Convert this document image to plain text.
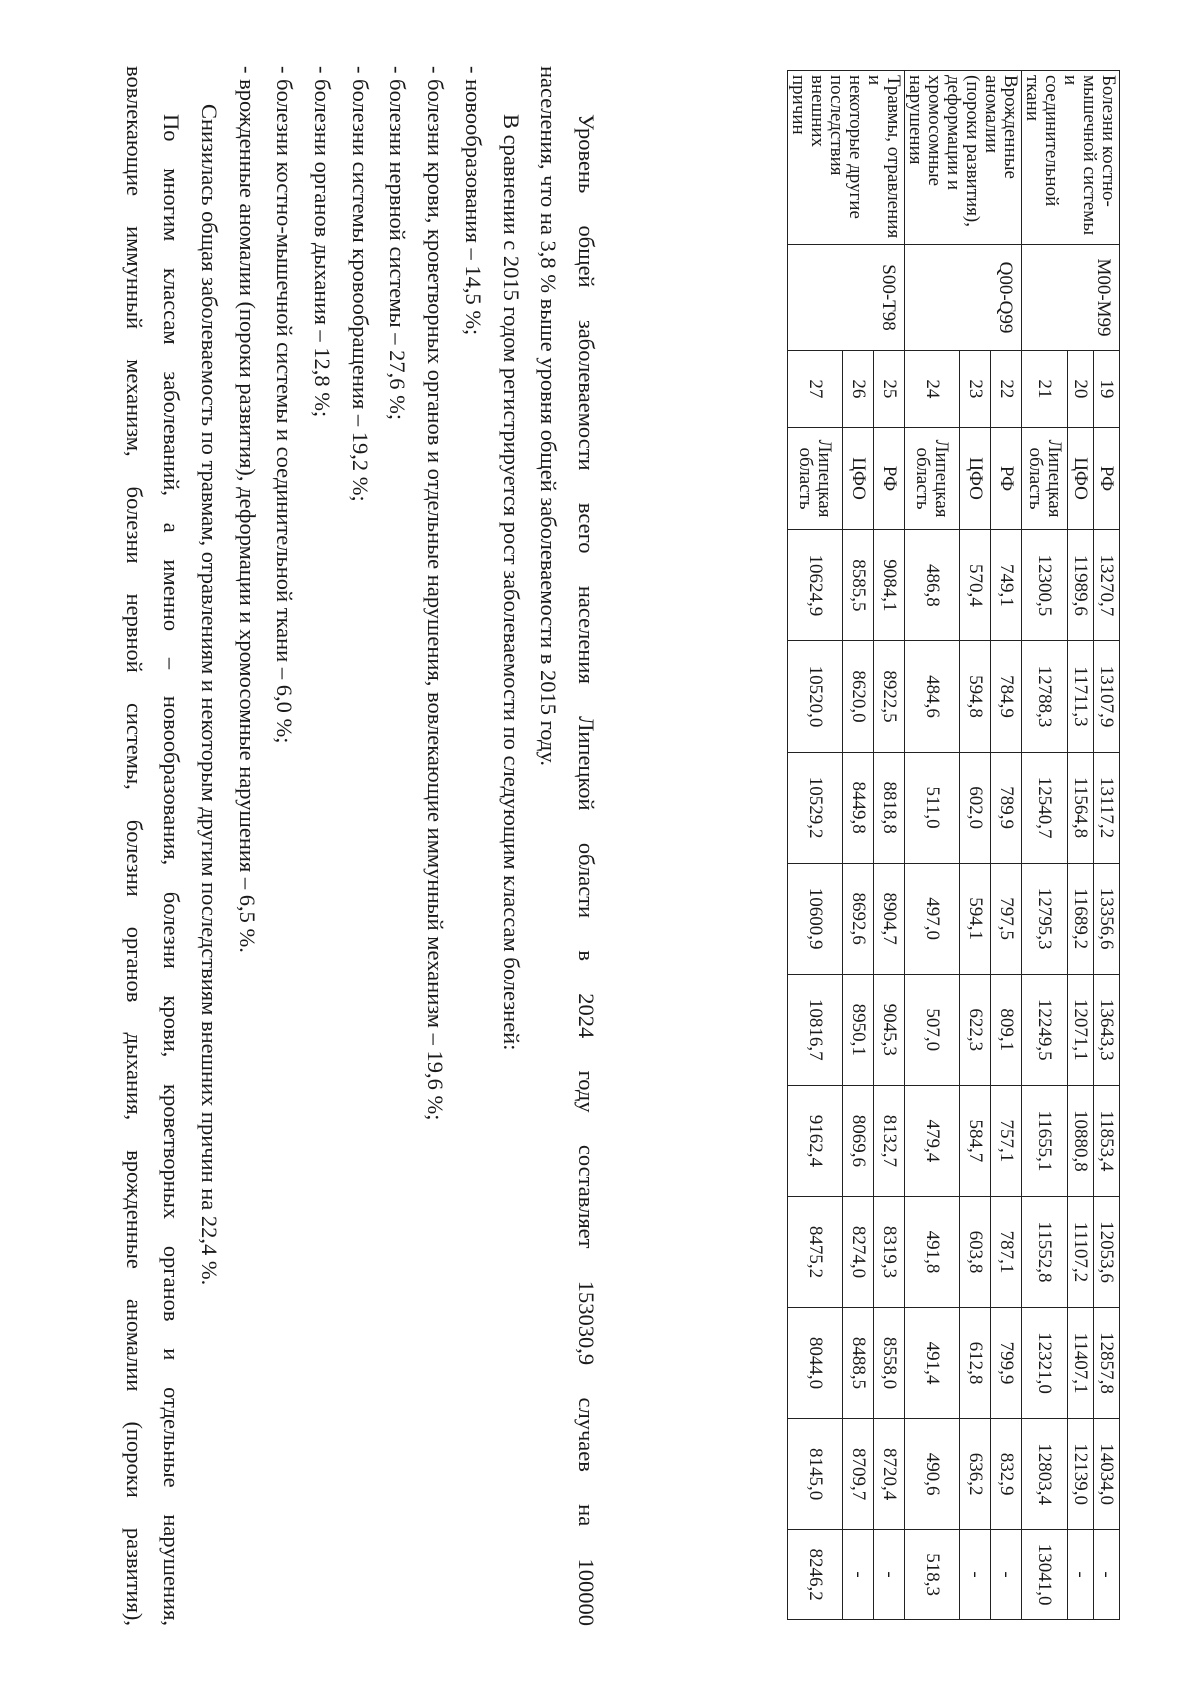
Болезни костно-
мышечной системы и
соединительной ткани	M00-M99	19	РФ	13270,7	13107,9	13117,2	13356,6	13643,3	11853,4	12053,6	12857,8	14034,0	-
		20	ЦФО	11989,6	11711,3	11564,8	11689,2	12071,1	10880,8	11107,2	11407,1	12139,0	-
		21	Липецкая область	12300,5	12788,3	12540,7	12795,3	12249,5	11655,1	11552,8	12321,0	12803,4	13041,0

Врожденные аномалии
(пороки развития),
деформации и
хромосомные
нарушения	Q00-Q99	22	РФ	749,1	784,9	789,9	797,5	809,1	757,1	787,1	799,9	832,9	-
		23	ЦФО	570,4	594,8	602,0	594,1	622,3	584,7	603,8	612,8	636,2	-
		24	Липецкая область	486,8	484,6	511,0	497,0	507,0	479,4	491,8	491,4	490,6	518,3

Травмы, отравления и
некоторые другие
последствия внешних
причин	S00-T98	25	РФ	9084,1	8922,5	8818,8	8904,7	9045,3	8132,7	8319,3	8558,0	8720,4	-
		26	ЦФО	8585,5	8620,0	8449,8	8692,6	8950,1	8069,6	8274,0	8488,5	8709,7	-
		27	Липецкая область	10624,9	10520,0	10529,2	10600,9	10816,7	9162,4	8475,2	8044,0	8145,0	8246,2

Уровень общей заболеваемости всего населения Липецкой области в 2024 году составляет 153030,9 случаев на 100000

населения, что на 3,8 % выше уровня общей заболеваемости в 2015 году.

В сравнении с 2015 годом регистрируется рост заболеваемости по следующим классам болезней:

- новообразования – 14,5 %;

- болезни крови, кроветворных органов и отдельные нарушения, вовлекающие иммунный механизм – 19,6 %;

- болезни нервной системы – 27,6 %;

- болезни системы кровообращения – 19,2 %;

- болезни органов дыхания – 12,8 %;

- болезни костно-мышечной системы и соединительной ткани – 6,0 %;

- врожденные аномалии (пороки развития), деформации и хромосомные нарушения – 6,5 %.

Снизилась общая заболеваемость по травмам, отравлениям и некоторым другим последствиям внешних причин на 22,4 %.

По многим классам заболеваний, а именно – новообразования, болезни крови, кроветворных органов и отдельные нарушения,

вовлекающие иммунный механизм, болезни нервной системы, болезни органов дыхания, врожденные аномалии (пороки развития),
